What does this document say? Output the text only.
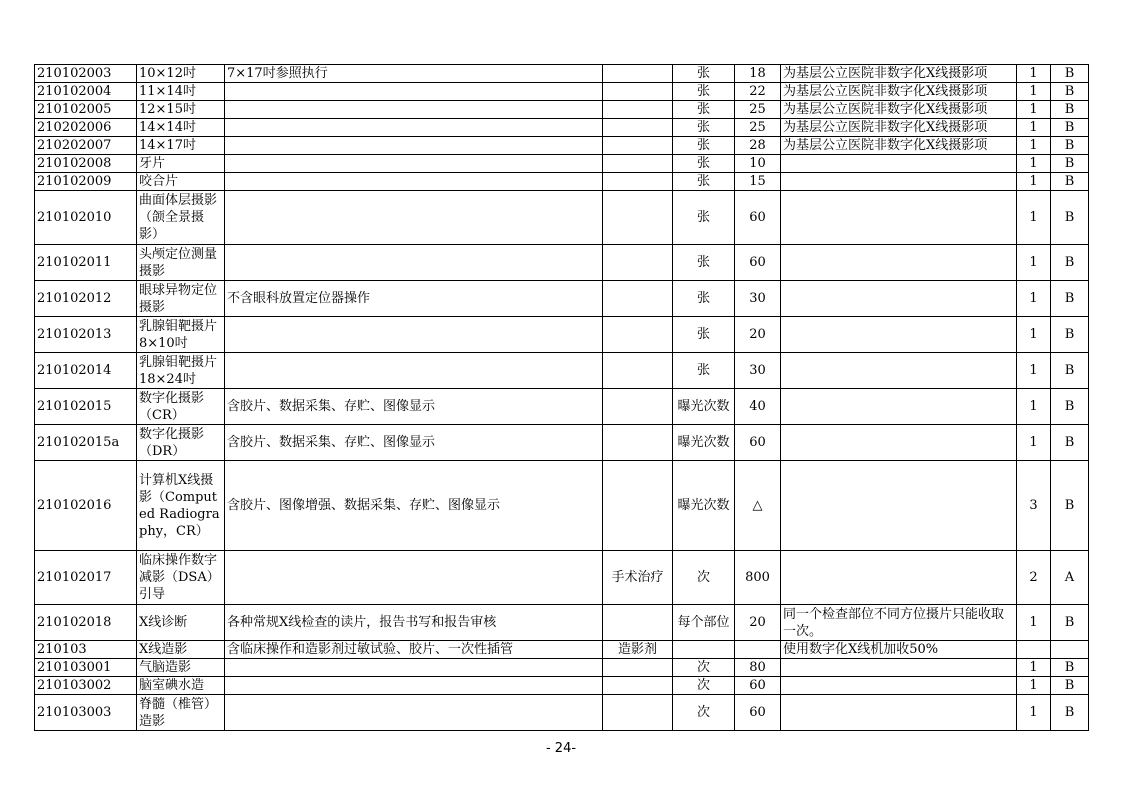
210102003	10×12吋	7×17吋参照执行		张	18	为基层公立医院非数字化X线摄影项	1	B
210102004	11×14吋			张	22	为基层公立医院非数字化X线摄影项	1	B
210102005	12×15吋			张	25	为基层公立医院非数字化X线摄影项	1	B
210202006	14×14吋			张	25	为基层公立医院非数字化X线摄影项	1	B
210202007	14×17吋			张	28	为基层公立医院非数字化X线摄影项	1	B
210102008	牙片			张	10		1	B
210102009	咬合片			张	15		1	B
210102010	曲面体层摄影（颌全景摄影）			张	60		1	B
210102011	头颅定位测量摄影			张	60		1	B
210102012	眼球异物定位摄影	不含眼科放置定位器操作		张	30		1	B
210102013	乳腺钼靶摄片8×10吋			张	20		1	B
210102014	乳腺钼靶摄片18×24吋			张	30		1	B
210102015	数字化摄影（CR）	含胶片、数据采集、存贮、图像显示		曝光次数	40		1	B
210102015a	数字化摄影（DR）	含胶片、数据采集、存贮、图像显示		曝光次数	60		1	B
210102016	计算机X线摄影（Computed Radiography，CR）	含胶片、图像增强、数据采集、存贮、图像显示		曝光次数	△		3	B
210102017	临床操作数字减影（DSA）引导		手术治疗	次	800		2	A
210102018	X线诊断	各种常规X线检查的读片，报告书写和报告审核		每个部位	20	同一个检查部位不同方位摄片只能收取一次。	1	B
210103	X线造影	含临床操作和造影剂过敏试验、胶片、一次性插管	造影剂			使用数字化X线机加收50%		
210103001	气脑造影			次	80		1	B
210103002	脑室碘水造			次	60		1	B
210103003	脊髓（椎管）造影			次	60		1	B
- 24-
